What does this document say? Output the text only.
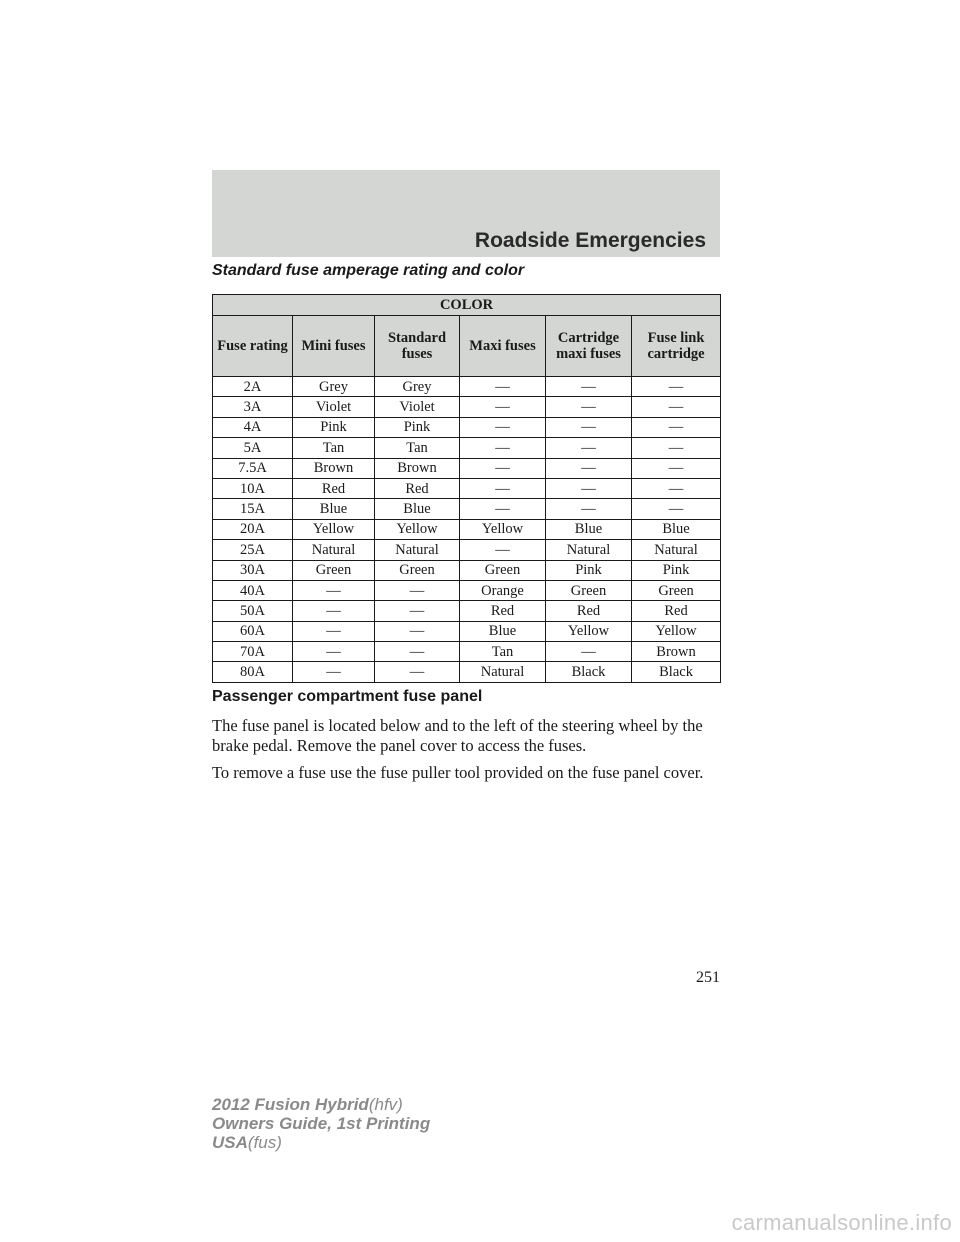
Roadside Emergencies
Standard fuse amperage rating and color
COLOR					
Fuse rating	Mini fuses	Standard fuses	Maxi fuses	Cartridge maxi fuses	Fuse link cartridge
2A	Grey	Grey	—	—	—
3A	Violet	Violet	—	—	—
4A	Pink	Pink	—	—	—
5A	Tan	Tan	—	—	—
7.5A	Brown	Brown	—	—	—
10A	Red	Red	—	—	—
15A	Blue	Blue	—	—	—
20A	Yellow	Yellow	Yellow	Blue	Blue
25A	Natural	Natural	—	Natural	Natural
30A	Green	Green	Green	Pink	Pink
40A	—	—	Orange	Green	Green
50A	—	—	Red	Red	Red
60A	—	—	Blue	Yellow	Yellow
70A	—	—	Tan	—	Brown
80A	—	—	Natural	Black	Black
Passenger compartment fuse panel

The fuse panel is located below and to the left of the steering wheel by the brake pedal. Remove the panel cover to access the fuses.

To remove a fuse use the fuse puller tool provided on the fuse panel cover.

251
2012 Fusion Hybrid(hfv)
Owners Guide, 1st Printing
USA(fus)
carmanualsonline.info
